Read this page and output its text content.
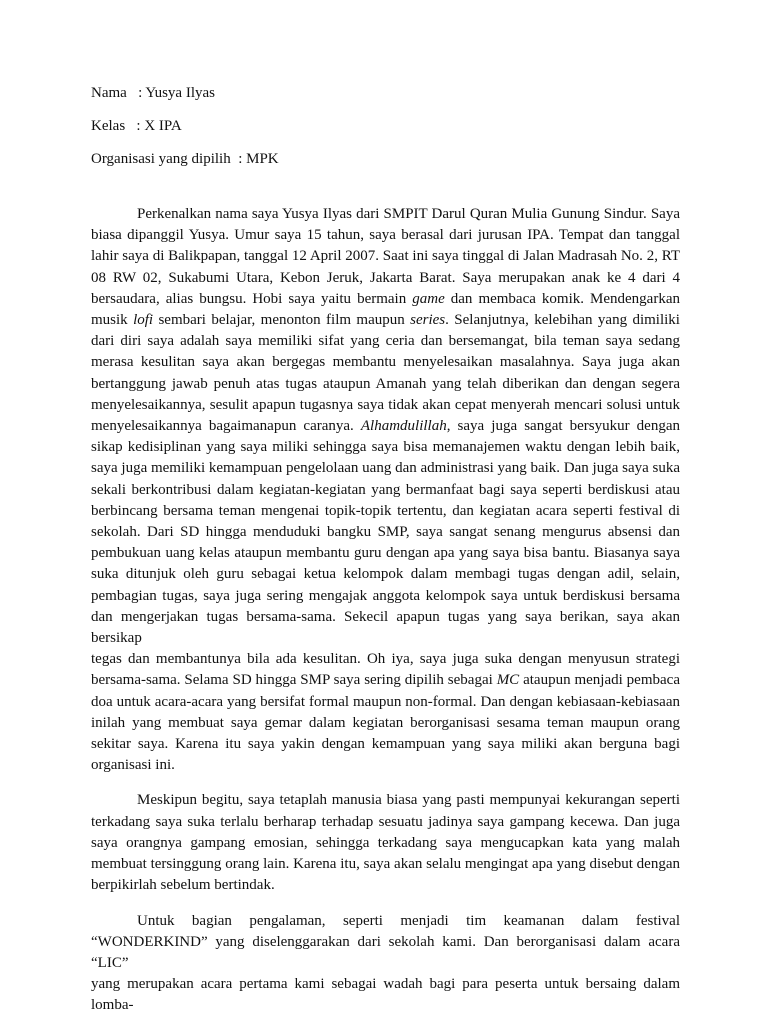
Nama   : Yusya Ilyas
Kelas   : X IPA
Organisasi yang dipilih  : MPK
Perkenalkan nama saya Yusya Ilyas dari SMPIT Darul Quran Mulia Gunung Sindur. Saya
biasa dipanggil Yusya. Umur saya 15 tahun, saya berasal dari jurusan IPA. Tempat dan tanggal
lahir saya di Balikpapan, tanggal 12 April 2007. Saat ini saya tinggal di Jalan Madrasah No. 2, RT
08 RW 02, Sukabumi Utara, Kebon Jeruk, Jakarta Barat. Saya merupakan anak ke 4 dari 4
bersaudara, alias bungsu. Hobi saya yaitu bermain game dan membaca komik. Mendengarkan
musik lofi sembari belajar, menonton film maupun series. Selanjutnya, kelebihan yang dimiliki
dari diri saya adalah saya memiliki sifat yang ceria dan bersemangat, bila teman saya sedang
merasa kesulitan saya akan bergegas membantu menyelesaikan masalahnya. Saya juga akan
bertanggung jawab penuh atas tugas ataupun Amanah yang telah diberikan dan dengan segera
menyelesaikannya, sesulit apapun tugasnya saya tidak akan cepat menyerah mencari solusi untuk
menyelesaikannya bagaimanapun caranya. Alhamdulillah, saya juga sangat bersyukur dengan
sikap kedisiplinan yang saya miliki sehingga saya bisa memanajemen waktu dengan lebih baik,
saya juga memiliki kemampuan pengelolaan uang dan administrasi yang baik. Dan juga saya suka
sekali berkontribusi dalam kegiatan-kegiatan yang bermanfaat bagi saya seperti berdiskusi atau
berbincang bersama teman mengenai topik-topik tertentu, dan kegiatan acara seperti festival di
sekolah. Dari SD hingga menduduki bangku SMP, saya sangat senang mengurus absensi dan
pembukuan uang kelas ataupun membantu guru dengan apa yang saya bisa bantu. Biasanya saya
suka ditunjuk oleh guru sebagai ketua kelompok dalam membagi tugas dengan adil, selain,
pembagian tugas, saya juga sering mengajak anggota kelompok saya untuk berdiskusi bersama
dan mengerjakan tugas bersama-sama. Sekecil apapun tugas yang saya berikan, saya akan bersikap
tegas dan membantunya bila ada kesulitan. Oh iya, saya juga suka dengan menyusun strategi
bersama-sama. Selama SD hingga SMP saya sering dipilih sebagai MC ataupun menjadi pembaca
doa untuk acara-acara yang bersifat formal maupun non-formal. Dan dengan kebiasaan-kebiasaan
inilah yang membuat saya gemar dalam kegiatan berorganisasi sesama teman maupun orang
sekitar saya. Karena itu saya yakin dengan kemampuan yang saya miliki akan berguna bagi
organisasi ini.
Meskipun begitu, saya tetaplah manusia biasa yang pasti mempunyai kekurangan seperti
terkadang saya suka terlalu berharap terhadap sesuatu jadinya saya gampang kecewa. Dan juga
saya orangnya gampang emosian, sehingga terkadang saya mengucapkan kata yang malah
membuat tersinggung orang lain. Karena itu, saya akan selalu mengingat apa yang disebut dengan
berpikirlah sebelum bertindak.
Untuk bagian pengalaman, seperti menjadi tim keamanan dalam festival
“WONDERKIND” yang diselenggarakan dari sekolah kami. Dan berorganisasi dalam acara “LIC”
yang merupakan acara pertama kami sebagai wadah bagi para peserta untuk bersaing dalam lomba-
